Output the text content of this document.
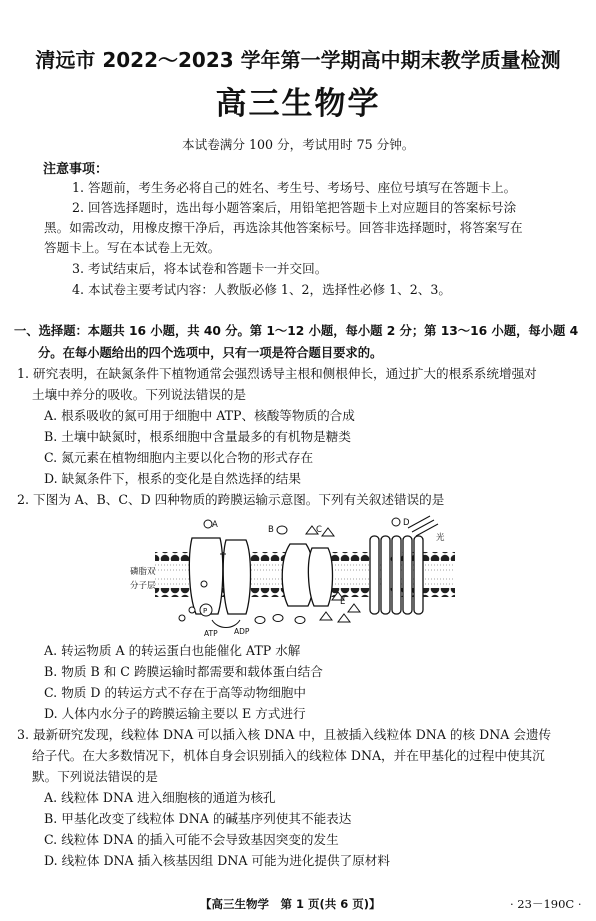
清远市 2022～2023 学年第一学期高中期末教学质量检测
高三生物学
本试卷满分 100 分，考试用时 75 分钟。
注意事项：
1. 答题前，考生务必将自己的姓名、考生号、考场号、座位号填写在答题卡上。
2. 回答选择题时，选出每小题答案后，用铅笔把答题卡上对应题目的答案标号涂
黑。如需改动，用橡皮擦干净后，再选涂其他答案标号。回答非选择题时，将答案写在
答题卡上。写在本试卷上无效。
3. 考试结束后，将本试卷和答题卡一并交回。
4. 本试卷主要考试内容：人教版必修 1、2，选择性必修 1、2、3。
一、选择题：本题共 16 小题，共 40 分。第 1～12 小题，每小题 2 分；第 13～16 小题，每小题 4
分。在每小题给出的四个选项中，只有一项是符合题目要求的。
1. 研究表明，在缺氮条件下植物通常会强烈诱导主根和侧根伸长，通过扩大的根系系统增强对
土壤中养分的吸收。下列说法错误的是
A. 根系吸收的氮可用于细胞中 ATP、核酸等物质的合成
B. 土壤中缺氮时，根系细胞中含量最多的有机物是糖类
C. 氮元素在植物细胞内主要以化合物的形式存在
D. 缺氮条件下，根系的变化是自然选择的结果
2. 下图为 A、B、C、D 四种物质的跨膜运输示意图。下列有关叙述错误的是
A	B	C
D
光
E
P
ATP ADP
磷脂双
分子层
A. 转运物质 A 的转运蛋白也能催化 ATP 水解
B. 物质 B 和 C 跨膜运输时都需要和载体蛋白结合
C. 物质 D 的转运方式不存在于高等动物细胞中
D. 人体内水分子的跨膜运输主要以 E 方式进行
3. 最新研究发现，线粒体 DNA 可以插入核 DNA 中，且被插入线粒体 DNA 的核 DNA 会遗传
给子代。在大多数情况下，机体自身会识别插入的线粒体 DNA，并在甲基化的过程中使其沉
默。下列说法错误的是
A. 线粒体 DNA 进入细胞核的通道为核孔
B. 甲基化改变了线粒体 DNA 的碱基序列使其不能表达
C. 线粒体 DNA 的插入可能不会导致基因突变的发生
D. 线粒体 DNA 插入核基因组 DNA 可能为进化提供了原材料
【高三生物学　第 1 页(共 6 页)】	· 23－190C ·
